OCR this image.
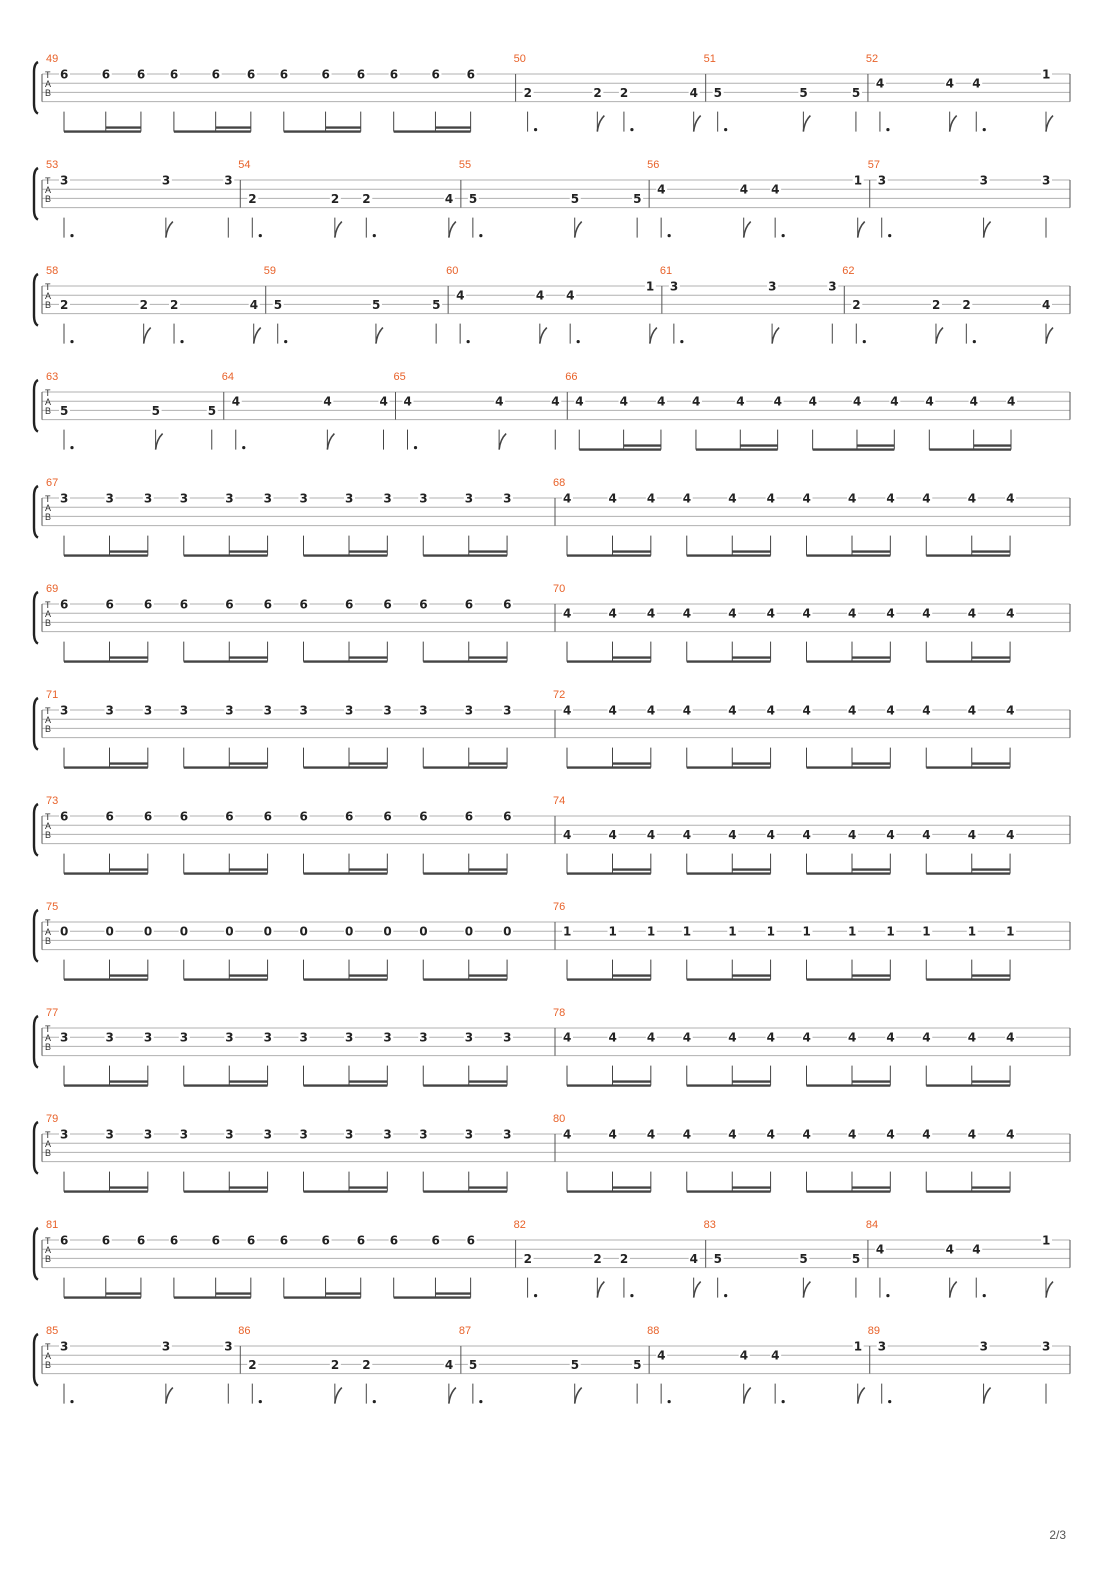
T
A
B
49
6	6 6 6	6 6 6	6 6 6	6 6
50
2	2 2	4
51
5	5	5
52
4	4 4
1
T
A
B
53
3	3	3
54
2	2 2	4
55
5	5	5
56
4	4 4
1
57
3	3	3
T
A
B
58
2	2 2	4
59
5	5	5
60
4	4 4
1
61
3	3	3
62
2	2 2	4
T
A
B
63
5	5	5
64
4	4	4
65
4	4	4
66
4	4 4 4	4 4 4	4 4 4	4 4
T
A
B
67
3	3 3 3	3 3 3	3 3 3	3 3
68
4	4 4 4	4 4 4	4 4 4	4 4
T
A
B
69
6	6 6 6	6 6 6	6 6 6	6 6
70
4	4 4 4	4 4 4	4 4 4	4 4
T
A
B
71
3	3 3 3	3 3 3	3 3 3	3 3
72
4	4 4 4	4 4 4	4 4 4	4 4
T
A
B
73
6	6 6 6	6 6 6	6 6 6	6 6
74
4	4 4 4	4 4 4	4 4 4	4 4
T
A
B
75
0	0 0 0	0 0 0	0 0 0	0 0
76
1	1 1 1	1 1 1	1 1 1	1 1
T
A
B
77
3	3 3 3	3 3 3	3 3 3	3 3
78
4	4 4 4	4 4 4	4 4 4	4 4
T
A
B
79
3	3 3 3	3 3 3	3 3 3	3 3
80
4	4 4 4	4 4 4	4 4 4	4 4
T
A
B
81
6	6 6 6	6 6 6	6 6 6	6 6
82
2	2 2	4
83
5	5	5
84
4	4 4
1
T
A
B
85
3	3	3
86
2	2 2	4
87
5	5	5
88
4	4 4
1
89
3	3	3
2/3
